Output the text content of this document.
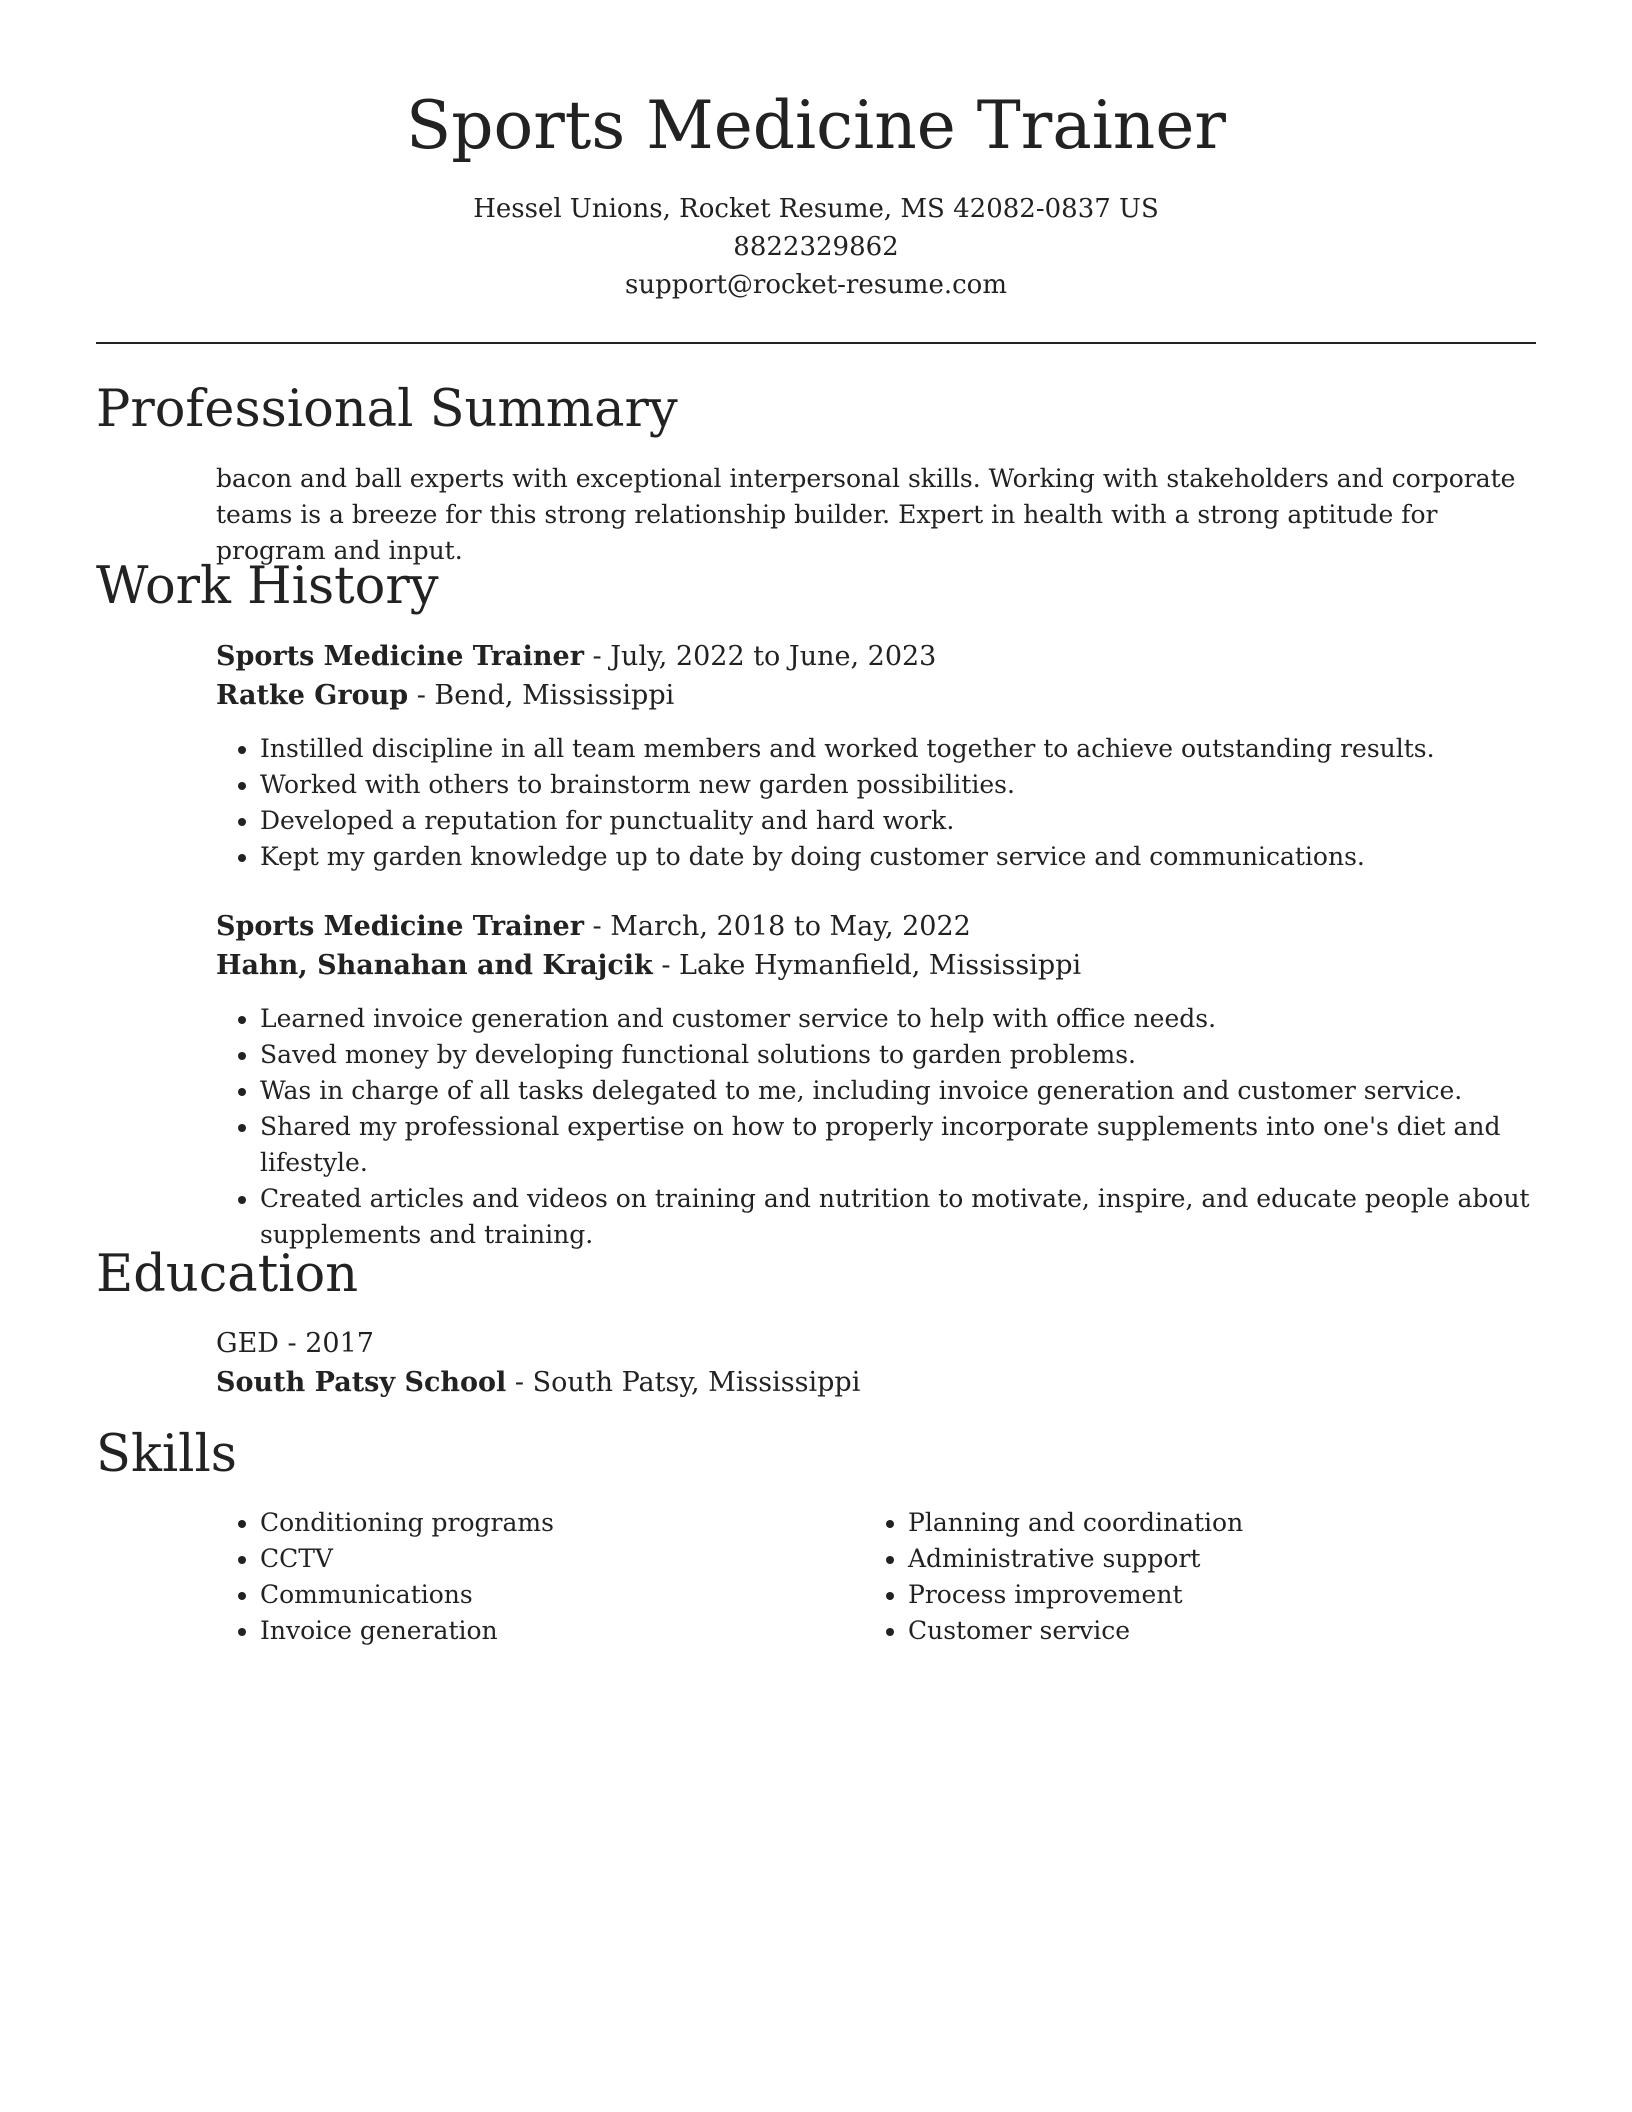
Sports Medicine Trainer

Hessel Unions, Rocket Resume, MS 42082-0837 US

8822329862

support@rocket-resume.com

Professional Summary

bacon and ball experts with exceptional interpersonal skills. Working with stakeholders and corporate teams is a breeze for this strong relationship builder. Expert in health with a strong aptitude for program and input.

Work History

Sports Medicine Trainer - July, 2022 to June, 2023

Ratke Group - Bend, Mississippi

• Instilled discipline in all team members and worked together to achieve outstanding results.
• Worked with others to brainstorm new garden possibilities.
• Developed a reputation for punctuality and hard work.
• Kept my garden knowledge up to date by doing customer service and communications.

Sports Medicine Trainer - March, 2018 to May, 2022

Hahn, Shanahan and Krajcik - Lake Hymanfield, Mississippi

• Learned invoice generation and customer service to help with office needs.
• Saved money by developing functional solutions to garden problems.
• Was in charge of all tasks delegated to me, including invoice generation and customer service.
• Shared my professional expertise on how to properly incorporate supplements into one's diet and lifestyle.
• Created articles and videos on training and nutrition to motivate, inspire, and educate people about supplements and training.
Education

GED - 2017

South Patsy School - South Patsy, Mississippi

Skills
• Conditioning programs
• CCTV
• Communications
• Invoice generation
• Planning and coordination
• Administrative support
• Process improvement
• Customer service
